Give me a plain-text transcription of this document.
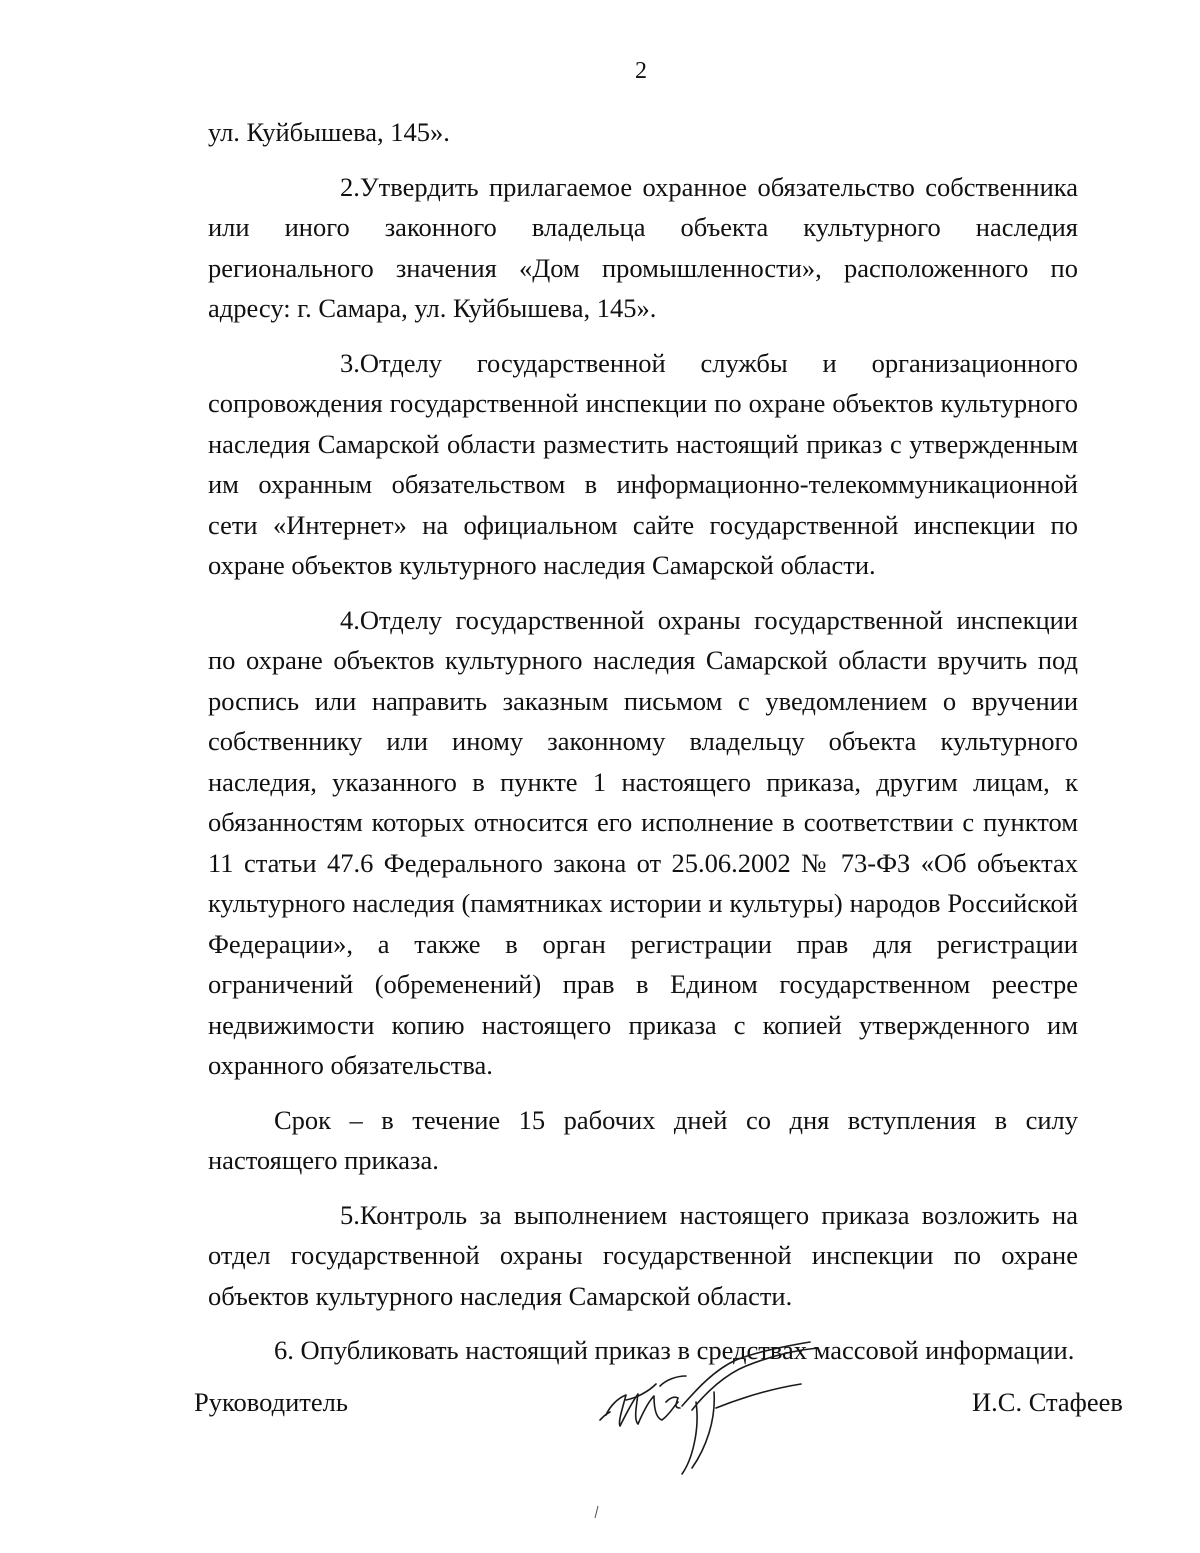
2

ул. Куйбышева, 145».

2.Утвердить прилагаемое охранное обязательство собственника или иного законного владельца объекта культурного наследия регионального значения «Дом промышленности», расположенного по адресу: г. Самара, ул. Куйбышева, 145».

3.Отделу государственной службы и организационного сопровождения государственной инспекции по охране объектов культурного наследия Самарской области разместить настоящий приказ с утвержденным им охранным обязательством в информационно-телекоммуникационной сети «Интернет» на официальном сайте государственной инспекции по охране объектов культурного наследия Самарской области.

4.Отделу государственной охраны государственной инспекции по охране объектов культурного наследия Самарской области вручить под роспись или направить заказным письмом с уведомлением о вручении собственнику или иному законному владельцу объекта культурного наследия, указанного в пункте 1 настоящего приказа, другим лицам, к обязанностям которых относится его исполнение в соответствии с пунктом 11 статьи 47.6 Федерального закона от 25.06.2002 № 73-ФЗ «Об объектах культурного наследия (памятниках истории и культуры) народов Российской Федерации», а также в орган регистрации прав для регистрации ограничений (обременений) прав в Едином государственном реестре недвижимости копию настоящего приказа с копией утвержденного им охранного обязательства.

Срок – в течение 15 рабочих дней со дня вступления в силу настоящего приказа.

5.Контроль за выполнением настоящего приказа возложить на отдел государственной охраны государственной инспекции по охране объектов культурного наследия Самарской области.

6. Опубликовать настоящий приказ в средствах массовой информации.

Руководитель	И.С. Стафеев
